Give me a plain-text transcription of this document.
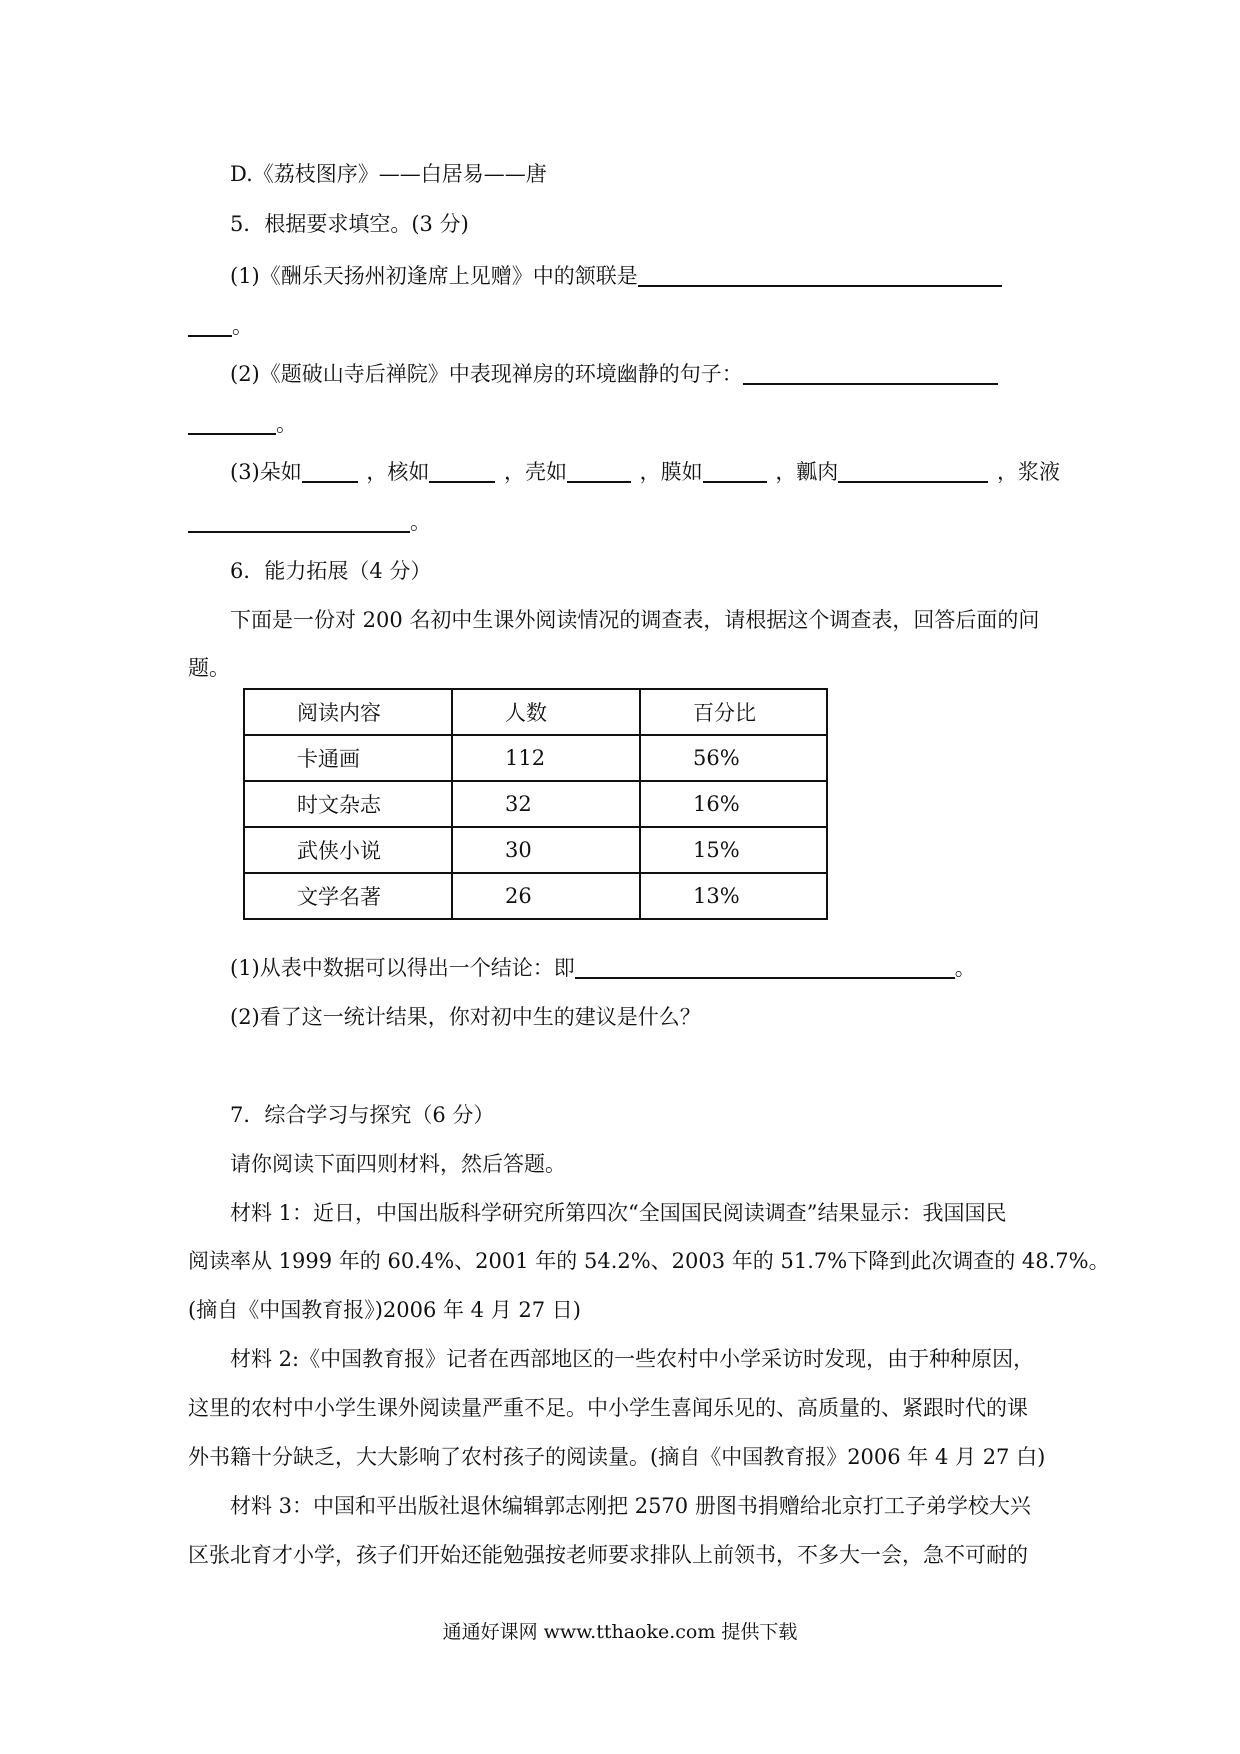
D.《荔枝图序》——白居易——唐
5．根据要求填空。(3 分)
(1)《酬乐天扬州初逢席上见赠》中的颔联是
。
(2)《题破山寺后禅院》中表现禅房的环境幽静的句子：
。
(3)朵如	，核如	，壳如	，膜如	，瓤肉	，浆液
。
6．能力拓展（4 分）
下面是一份对 200 名初中生课外阅读情况的调查表，请根据这个调查表，回答后面的问
题。
阅读内容	人数	百分比
卡通画	112	56%
时文杂志	32	16%
武侠小说	30	15%
文学名著	26	13%
(1)从表中数据可以得出一个结论：即	。
(2)看了这一统计结果，你对初中生的建议是什么？
7．综合学习与探究（6 分）
请你阅读下面四则材料，然后答题。
材料 1：近日，中国出版科学研究所第四次“全国国民阅读调查”结果显示：我国国民
阅读率从 1999 年的 60.4%、2001 年的 54.2%、2003 年的 51.7%下降到此次调查的 48.7%。
(摘自《中国教育报》)2006 年 4 月 27 日)
材料 2:《中国教育报》记者在西部地区的一些农村中小学采访时发现，由于种种原因，
这里的农村中小学生课外阅读量严重不足。中小学生喜闻乐见的、高质量的、紧跟时代的课
外书籍十分缺乏，大大影响了农村孩子的阅读量。(摘自《中国教育报》2006 年 4 月 27 白)
材料 3：中国和平出版社退休编辑郭志刚把 2570 册图书捐赠给北京打工子弟学校大兴
区张北育才小学，孩子们开始还能勉强按老师要求排队上前领书，不多大一会，急不可耐的
通通好课网 www.tthaoke.com 提供下载
